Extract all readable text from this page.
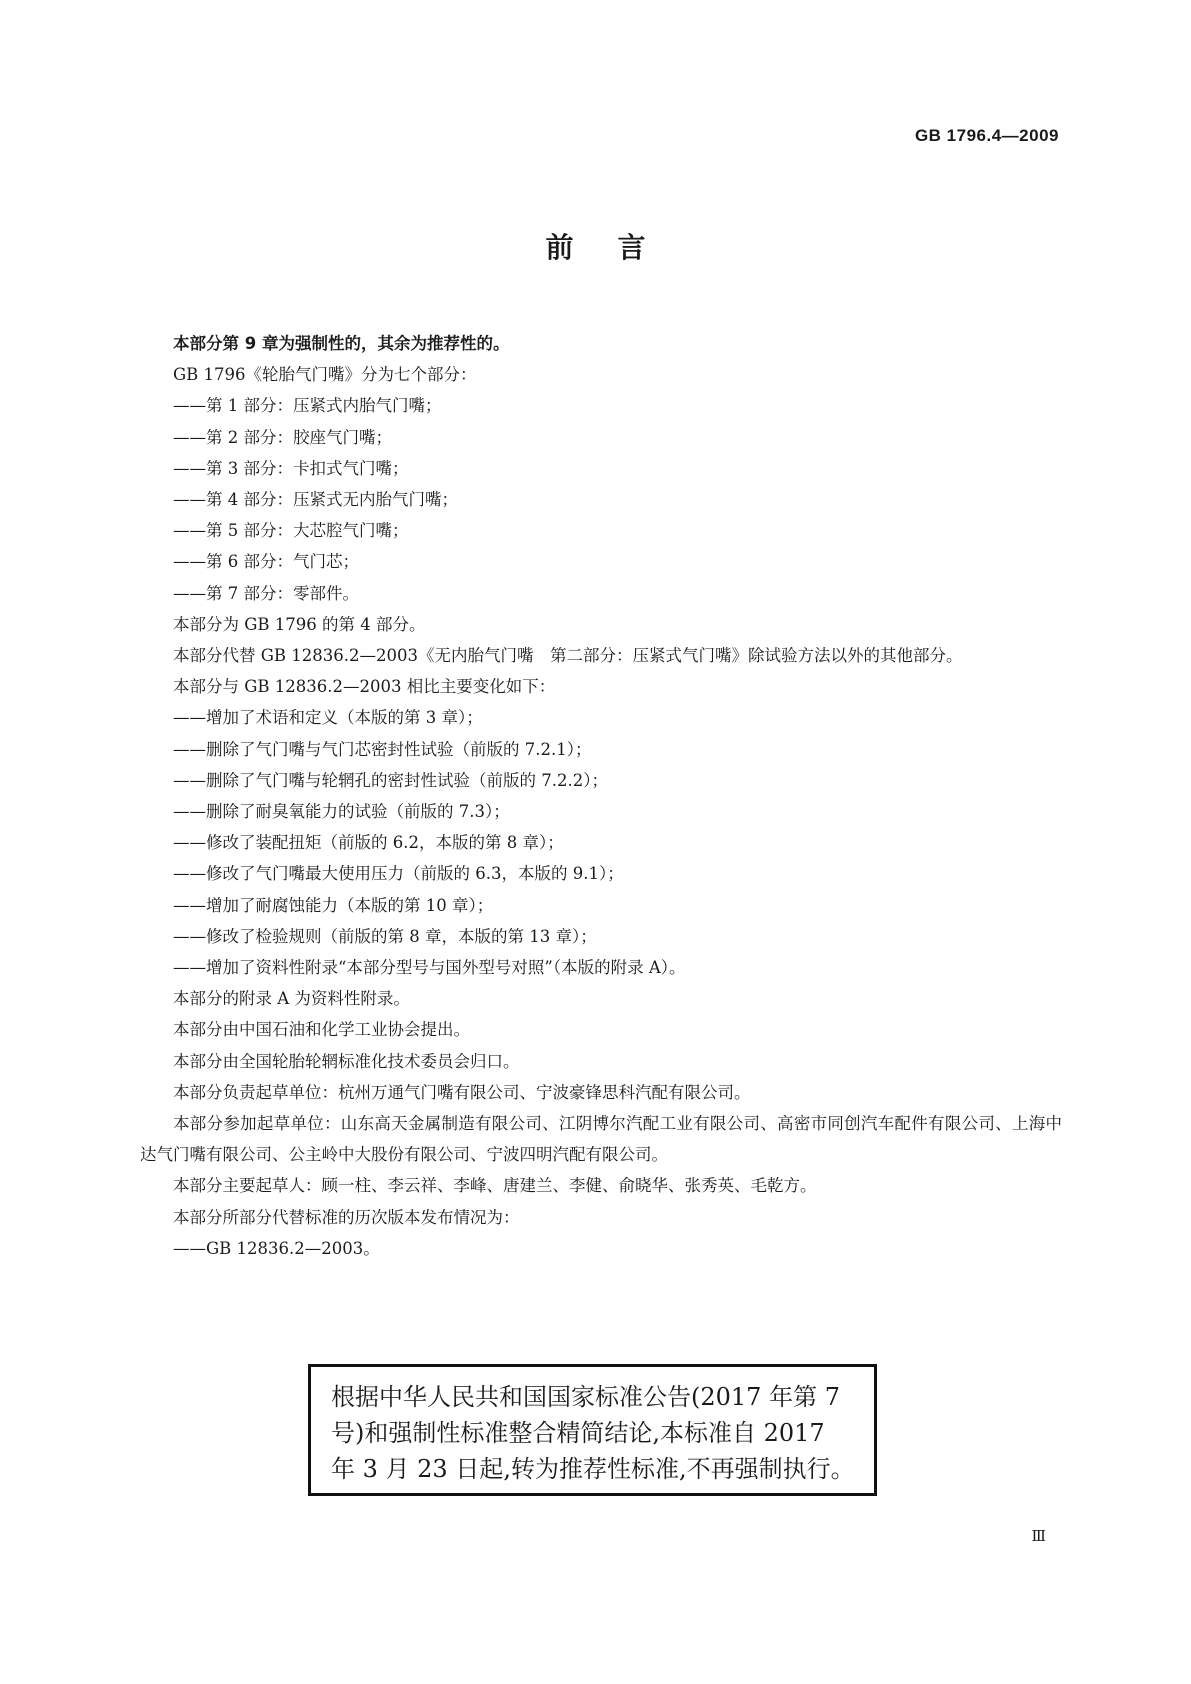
GB 1796.4—2009
前言

本部分第 9 章为强制性的，其余为推荐性的。

GB 1796《轮胎气门嘴》分为七个部分：

——第 1 部分：压紧式内胎气门嘴；

——第 2 部分：胶座气门嘴；

——第 3 部分：卡扣式气门嘴；

——第 4 部分：压紧式无内胎气门嘴；

——第 5 部分：大芯腔气门嘴；

——第 6 部分：气门芯；

——第 7 部分：零部件。

本部分为 GB 1796 的第 4 部分。

本部分代替 GB 12836.2—2003《无内胎气门嘴　第二部分：压紧式气门嘴》除试验方法以外的其他部分。

本部分与 GB 12836.2—2003 相比主要变化如下：

——增加了术语和定义（本版的第 3 章）；

——删除了气门嘴与气门芯密封性试验（前版的 7.2.1）；

——删除了气门嘴与轮辋孔的密封性试验（前版的 7.2.2）；

——删除了耐臭氧能力的试验（前版的 7.3）；

——修改了装配扭矩（前版的 6.2，本版的第 8 章）；

——修改了气门嘴最大使用压力（前版的 6.3，本版的 9.1）；

——增加了耐腐蚀能力（本版的第 10 章）；

——修改了检验规则（前版的第 8 章，本版的第 13 章）；

——增加了资料性附录“本部分型号与国外型号对照”（本版的附录 A）。

本部分的附录 A 为资料性附录。

本部分由中国石油和化学工业协会提出。

本部分由全国轮胎轮辋标准化技术委员会归口。

本部分负责起草单位：杭州万通气门嘴有限公司、宁波豪锋思科汽配有限公司。

本部分参加起草单位：山东高天金属制造有限公司、江阴博尔汽配工业有限公司、高密市同创汽车配件有限公司、上海中达气门嘴有限公司、公主岭中大股份有限公司、宁波四明汽配有限公司。

本部分主要起草人：顾一柱、李云祥、李峰、唐建兰、李健、俞晓华、张秀英、毛乾方。

本部分所部分代替标准的历次版本发布情况为：

——GB 12836.2—2003。

根据中华人民共和国国家标准公告(2017 年第 7
号)和强制性标准整合精简结论,本标准自 2017
年 3 月 23 日起,转为推荐性标准,不再强制执行。
Ⅲ
